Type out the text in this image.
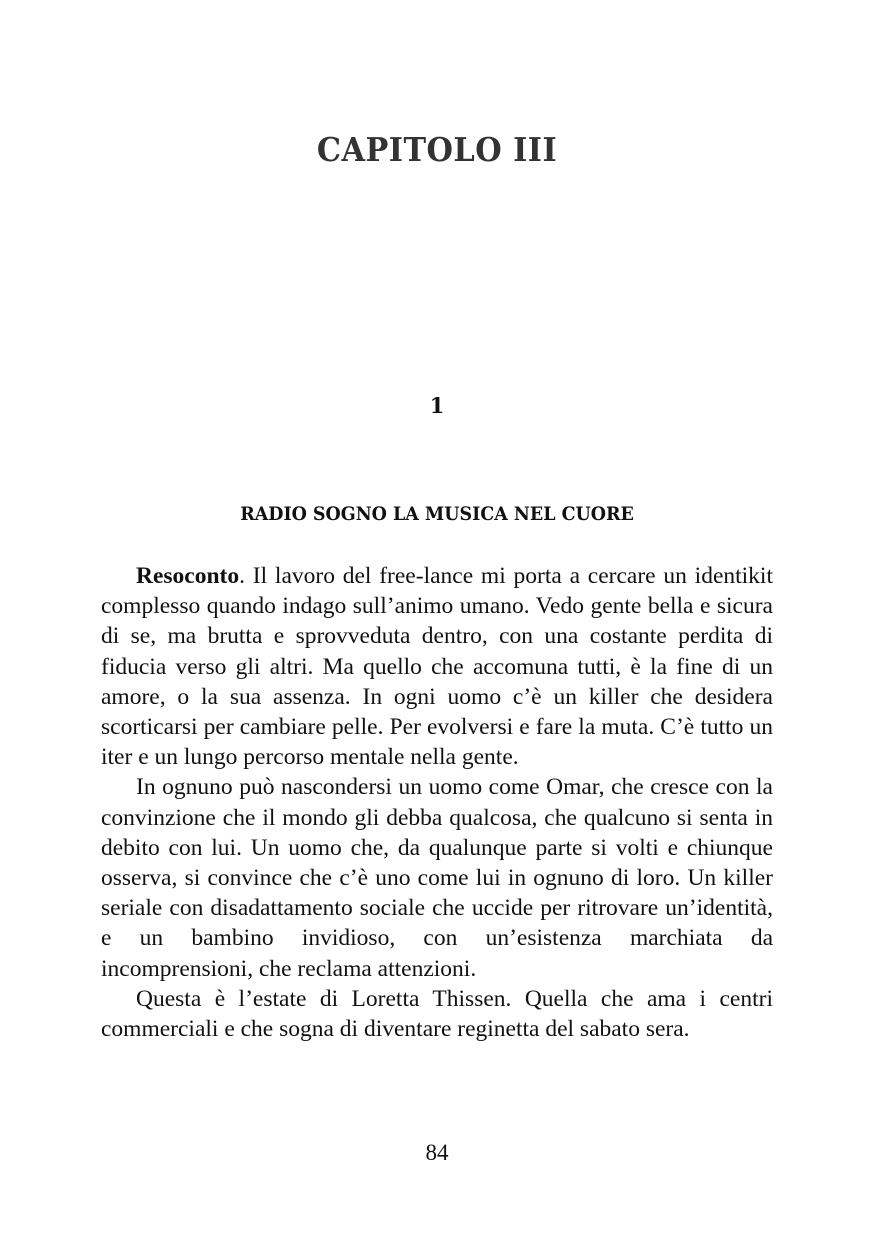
CAPITOLO III
1
RADIO SOGNO LA MUSICA NEL CUORE

Resoconto. Il lavoro del free-lance mi porta a cercare un identikit complesso quando indago sull’animo umano. Vedo gente bella e sicura di se, ma brutta e sprovveduta dentro, con una costante perdita di fiducia verso gli altri. Ma quello che accomuna tutti, è la fine di un amore, o la sua assenza. In ogni uomo c’è un killer che desidera scorticarsi per cambiare pelle. Per evolversi e fare la muta. C’è tutto un iter e un lungo percorso mentale nella gente.

In ognuno può nascondersi un uomo come Omar, che cresce con la convinzione che il mondo gli debba qualcosa, che qualcuno si senta in debito con lui. Un uomo che, da qualunque parte si volti e chiunque osserva, si convince che c’è uno come lui in ognuno di loro. Un killer seriale con disadattamento sociale che uccide per ritrovare un’identità, e un bambino invidioso, con un’esistenza marchiata da incomprensioni, che reclama attenzioni.

Questa è l’estate di Loretta Thissen. Quella che ama i centri commerciali e che sogna di diventare reginetta del sabato sera.

84
